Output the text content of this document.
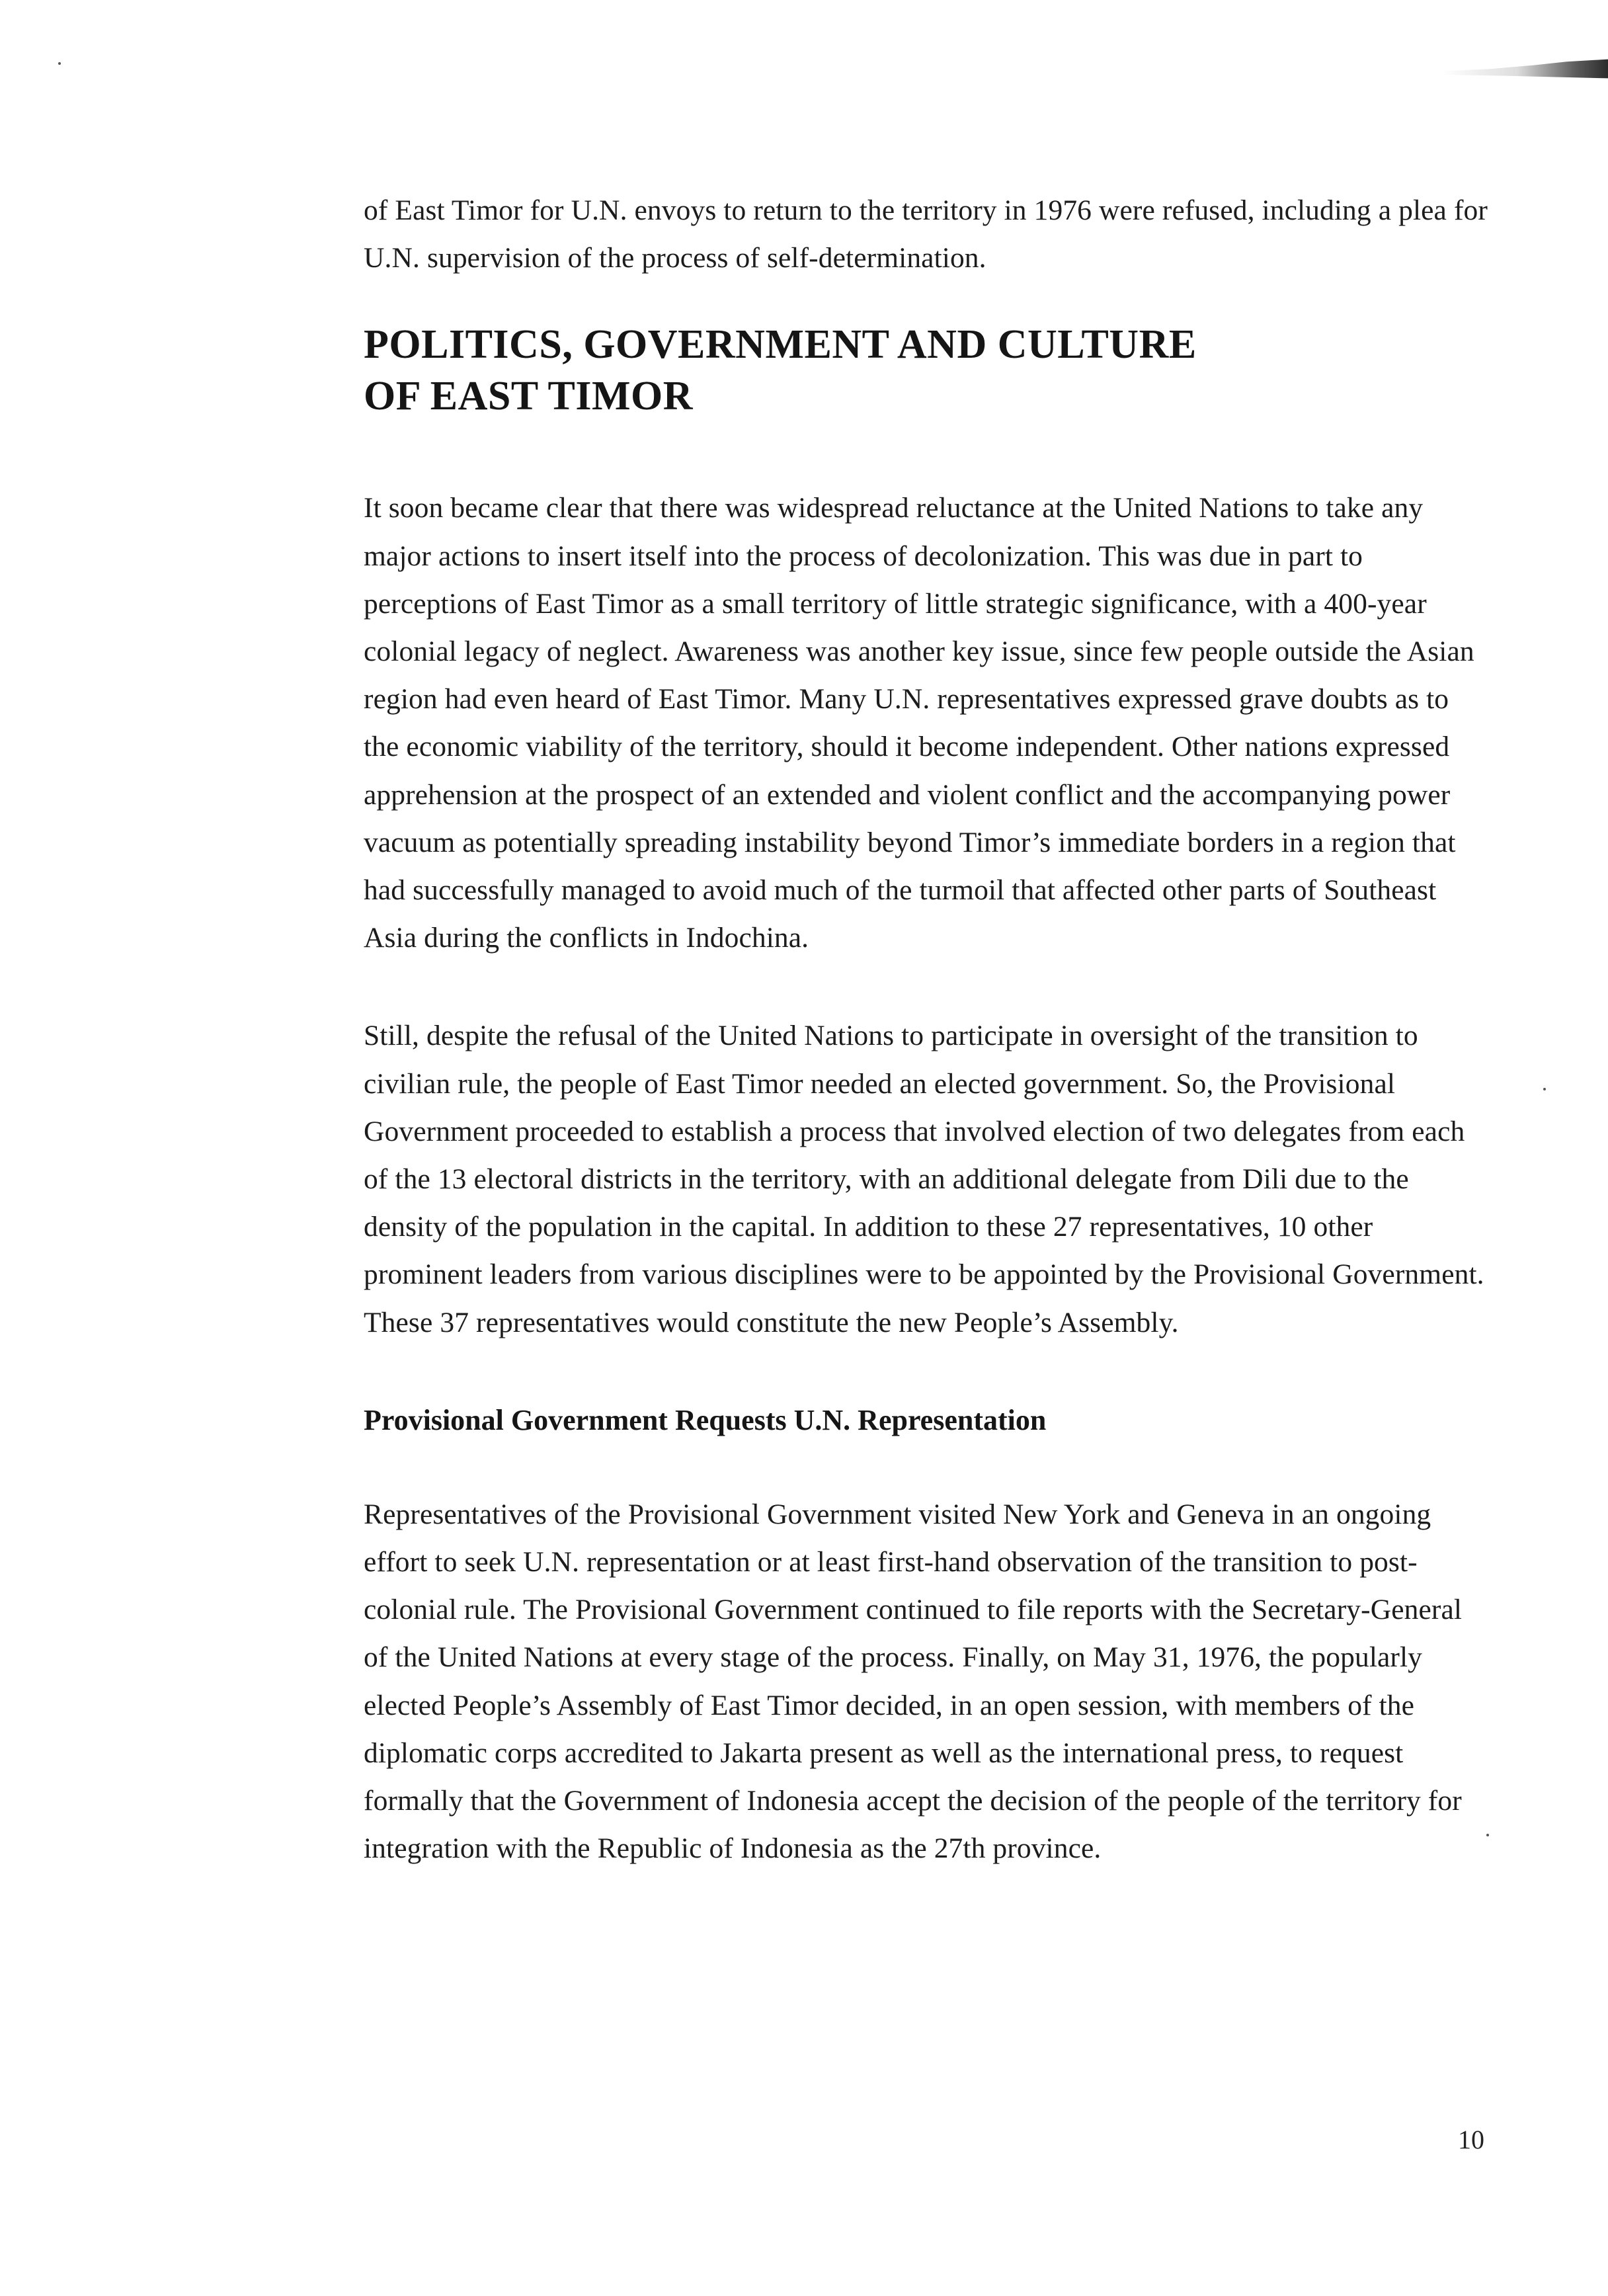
of East Timor for U.N. envoys to return to the territory in 1976 were refused, including a plea for U.N. supervision of the process of self-determination.

POLITICS, GOVERNMENT AND CULTURE
OF EAST TIMOR

It soon became clear that there was widespread reluctance at the United Nations to take any major actions to insert itself into the process of decolonization. This was due in part to perceptions of East Timor as a small territory of little strategic significance, with a 400-year colonial legacy of neglect. Awareness was another key issue, since few people outside the Asian region had even heard of East Timor. Many U.N. representatives expressed grave doubts as to the economic viability of the territory, should it become independent. Other nations expressed apprehension at the prospect of an extended and violent conflict and the accompanying power vacuum as potentially spreading instability beyond Timor’s immediate borders in a region that had successfully managed to avoid much of the turmoil that affected other parts of Southeast Asia during the conflicts in Indochina.

Still, despite the refusal of the United Nations to participate in oversight of the transition to civilian rule, the people of East Timor needed an elected government. So, the Provisional Government proceeded to establish a process that involved election of two delegates from each of the 13 electoral districts in the territory, with an additional delegate from Dili due to the density of the population in the capital. In addition to these 27 representatives, 10 other prominent leaders from various disciplines were to be appointed by the Provisional Government. These 37 representatives would constitute the new People’s Assembly.

Provisional Government Requests U.N. Representation

Representatives of the Provisional Government visited New York and Geneva in an ongoing effort to seek U.N. representation or at least first-hand observation of the transition to post-colonial rule. The Provisional Government continued to file reports with the Secretary-General of the United Nations at every stage of the process. Finally, on May 31, 1976, the popularly elected People’s Assembly of East Timor decided, in an open session, with members of the diplomatic corps accredited to Jakarta present as well as the international press, to request formally that the Government of Indonesia accept the decision of the people of the territory for integration with the Republic of Indonesia as the 27th province.

10
